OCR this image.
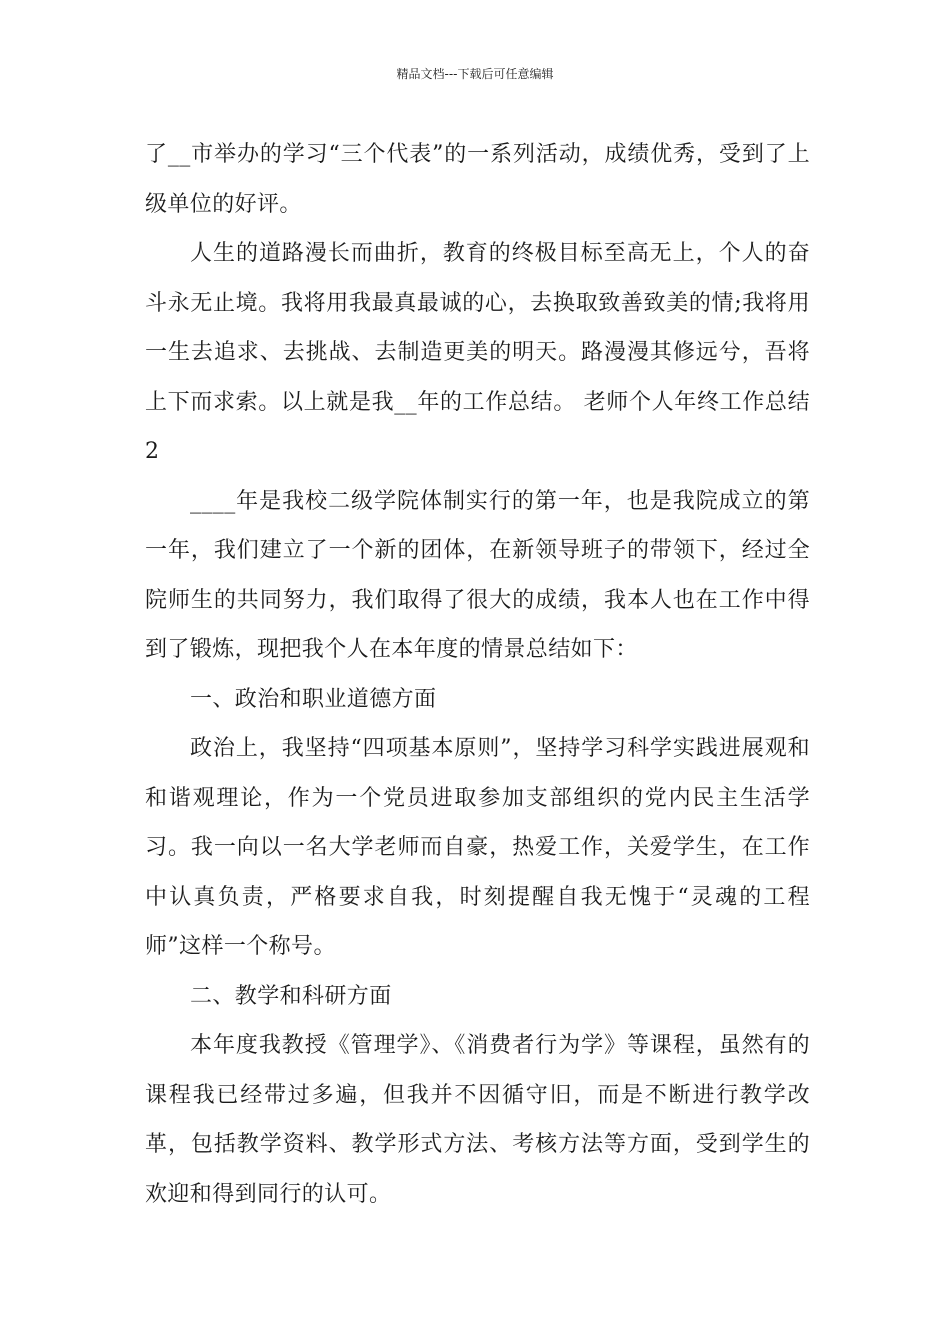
精品文档---下载后可任意编辑

了__市举办的学习“三个代表”的一系列活动，成绩优秀，受到了上级单位的好评。

人生的道路漫长而曲折，教育的终极目标至高无上，个人的奋斗永无止境。我将用我最真最诚的心，去换取致善致美的情;我将用一生去追求、去挑战、去制造更美的明天。路漫漫其修远兮，吾将上下而求索。以上就是我__年的工作总结。 老师个人年终工作总结2

____年是我校二级学院体制实行的第一年，也是我院成立的第一年，我们建立了一个新的团体，在新领导班子的带领下，经过全院师生的共同努力，我们取得了很大的成绩，我本人也在工作中得到了锻炼，现把我个人在本年度的情景总结如下：

一、政治和职业道德方面

政治上，我坚持“四项基本原则”，坚持学习科学实践进展观和和谐观理论，作为一个党员进取参加支部组织的党内民主生活学习。我一向以一名大学老师而自豪，热爱工作，关爱学生，在工作中认真负责，严格要求自我，时刻提醒自我无愧于“灵魂的工程师”这样一个称号。

二、教学和科研方面

本年度我教授《管理学》、《消费者行为学》等课程，虽然有的课程我已经带过多遍，但我并不因循守旧，而是不断进行教学改革，包括教学资料、教学形式方法、考核方法等方面，受到学生的欢迎和得到同行的认可。
